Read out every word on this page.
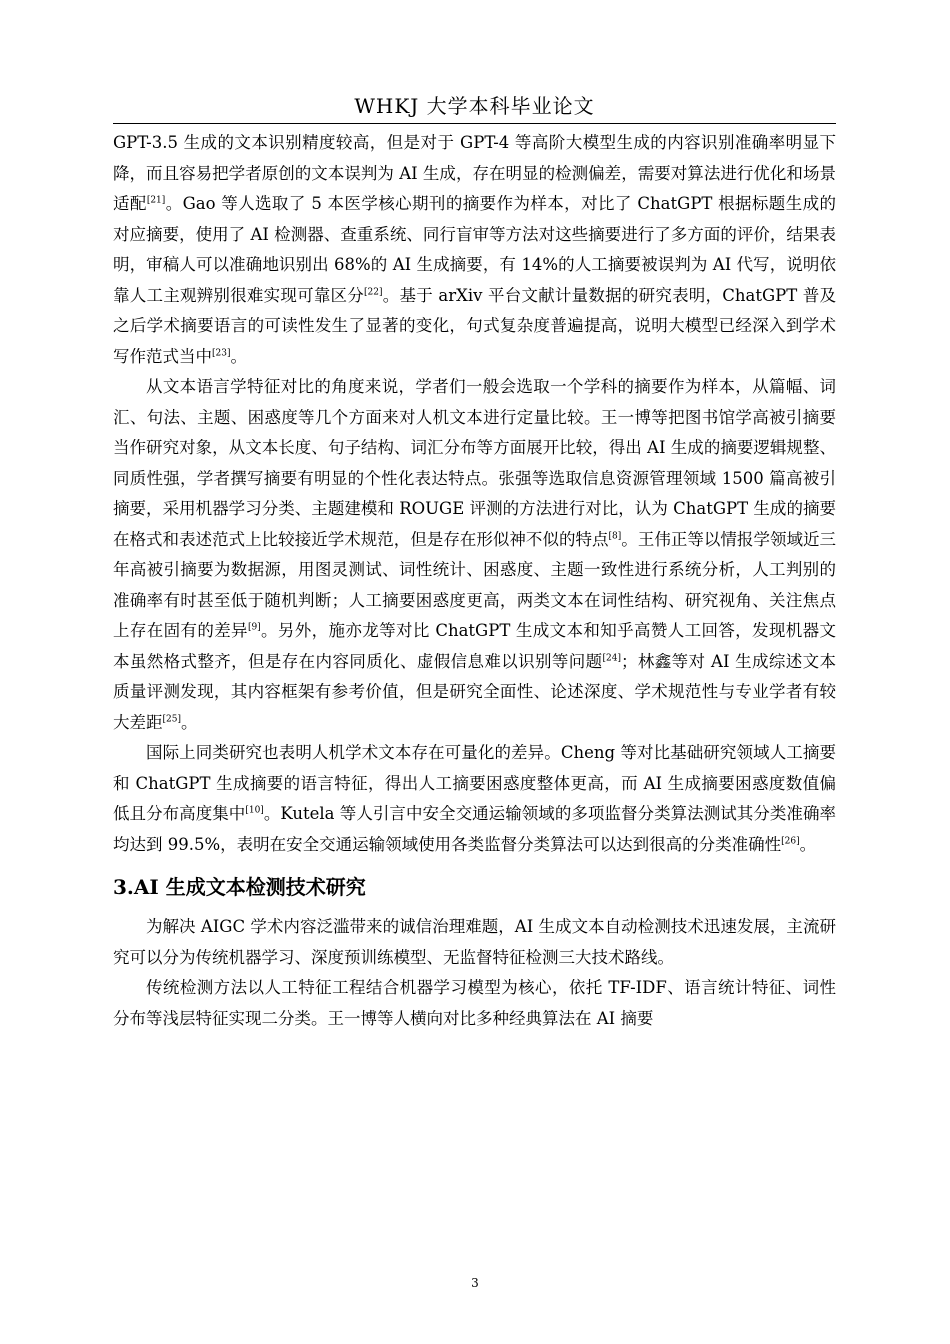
WHKJ 大学本科毕业论文

GPT-3.5 生成的文本识别精度较高，但是对于 GPT-4 等高阶大模型生成的内容识别准确率明显下降，而且容易把学者原创的文本误判为 AI 生成，存在明显的检测偏差，需要对算法进行优化和场景适配[21]。Gao 等人选取了 5 本医学核心期刊的摘要作为样本，对比了 ChatGPT 根据标题生成的对应摘要，使用了 AI 检测器、查重系统、同行盲审等方法对这些摘要进行了多方面的评价，结果表明，审稿人可以准确地识别出 68%的 AI 生成摘要，有 14%的人工摘要被误判为 AI 代写，说明依靠人工主观辨别很难实现可靠区分[22]。基于 arXiv 平台文献计量数据的研究表明，ChatGPT 普及之后学术摘要语言的可读性发生了显著的变化，句式复杂度普遍提高，说明大模型已经深入到学术写作范式当中[23]。

从文本语言学特征对比的角度来说，学者们一般会选取一个学科的摘要作为样本，从篇幅、词汇、句法、主题、困惑度等几个方面来对人机文本进行定量比较。王一博等把图书馆学高被引摘要当作研究对象，从文本长度、句子结构、词汇分布等方面展开比较，得出 AI 生成的摘要逻辑规整、同质性强，学者撰写摘要有明显的个性化表达特点。张强等选取信息资源管理领域 1500 篇高被引摘要，采用机器学习分类、主题建模和 ROUGE 评测的方法进行对比，认为 ChatGPT 生成的摘要在格式和表述范式上比较接近学术规范，但是存在形似神不似的特点[8]。王伟正等以情报学领域近三年高被引摘要为数据源，用图灵测试、词性统计、困惑度、主题一致性进行系统分析，人工判别的准确率有时甚至低于随机判断；人工摘要困惑度更高，两类文本在词性结构、研究视角、关注焦点上存在固有的差异[9]。另外，施亦龙等对比 ChatGPT 生成文本和知乎高赞人工回答，发现机器文本虽然格式整齐，但是存在内容同质化、虚假信息难以识别等问题[24]；林鑫等对 AI 生成综述文本质量评测发现，其内容框架有参考价值，但是研究全面性、论述深度、学术规范性与专业学者有较大差距[25]。

国际上同类研究也表明人机学术文本存在可量化的差异。Cheng 等对比基础研究领域人工摘要和 ChatGPT 生成摘要的语言特征，得出人工摘要困惑度整体更高，而 AI 生成摘要困惑度数值偏低且分布高度集中[10]。Kutela 等人引言中安全交通运输领域的多项监督分类算法测试其分类准确率均达到 99.5%，表明在安全交通运输领域使用各类监督分类算法可以达到很高的分类准确性[26]。

3.AI 生成文本检测技术研究

为解决 AIGC 学术内容泛滥带来的诚信治理难题，AI 生成文本自动检测技术迅速发展，主流研究可以分为传统机器学习、深度预训练模型、无监督特征检测三大技术路线。

传统检测方法以人工特征工程结合机器学习模型为核心，依托 TF-IDF、语言统计特征、词性分布等浅层特征实现二分类。王一博等人横向对比多种经典算法在 AI 摘要

3
